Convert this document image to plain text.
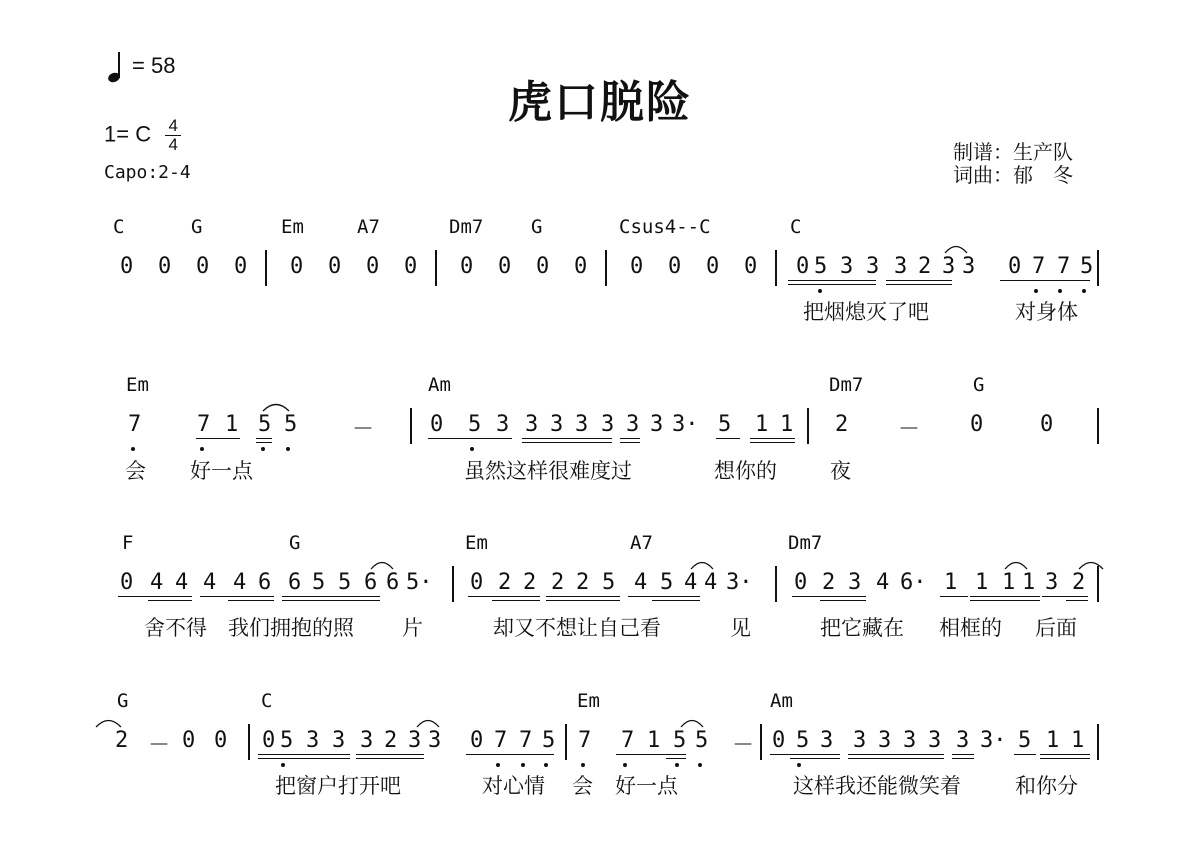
= 58
虎口脱险
1= C $\frac{4}{4}$
Capo:2-4
制谱：生产队
词曲：郁　冬
C	G	Em	A7	Dm7	G	Csus4--C	C
0 0 0 0 0 0 0 0 0 0 0 0 0 0 0 0 0 5 3 3 3 2 3 3 0 7 7 5
把烟熄灭了吧	对身体
Em	Am	Dm7	G
7	7 1 5 5 －	0 5 3 3 3 3 3 3 3 3· 5 1 1 2 － 0	0
会 好一点	虽然这样很难度过	想你的	夜
F	G	Em	A7	Dm7
0 4 4 4 4 6 6 5 5 6 6 5· 0 2 2 2 2 5 4 5 4 4 3· 0 2 3 4 6· 1 1 1 1 3 2
舍不得 我们拥抱的照 片	却又不想让自己看	见	把它藏在 相框的 后面
G	C	Em	Am
2 － 0 0 0 5 3 3 3 2 3 3 0 7 7 5 7 7 1 5 5 － 0 5 3 3 3 3 3 3 3· 5 1 1
把窗户打开吧	对心情 会 好一点	这样我还能微笑着	和你分
